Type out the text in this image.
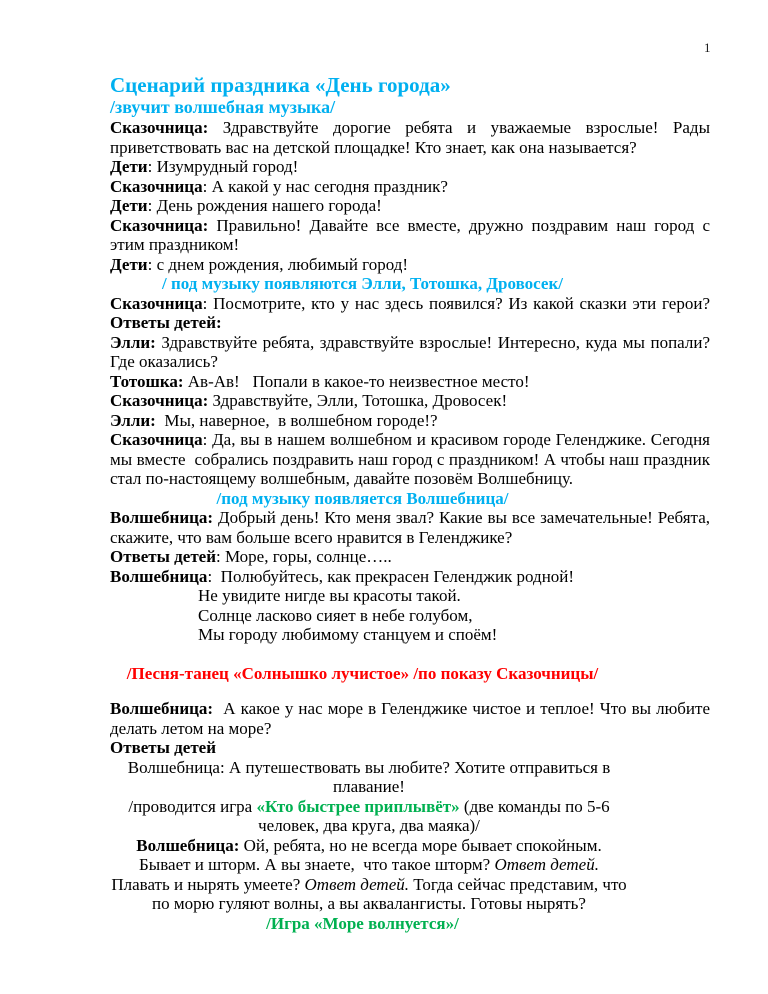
1
Сценарий праздника «День города»
/звучит волшебная музыка/
Сказочница: Здравствуйте дорогие ребята и уважаемые взрослые! Рады приветствовать вас на детской площадке! Кто знает, как она называется?
Дети: Изумрудный город!
Сказочница: А какой у нас сегодня праздник?
Дети: День рождения нашего города!
Сказочница: Правильно! Давайте все вместе, дружно поздравим наш город с этим праздником!
Дети: с днем рождения, любимый город!
/ под музыку появляются Элли, Тотошка, Дровосек/
Сказочница: Посмотрите, кто у нас здесь появился? Из какой сказки эти герои?Ответы детей:
Элли: Здравствуйте ребята, здравствуйте взрослые! Интересно, куда мы попали? Где оказались?
Тотошка: Ав-Ав!   Попали в какое-то неизвестное место!
Сказочница: Здравствуйте, Элли, Тотошка, Дровосек!
Элли:  Мы, наверное,  в волшебном городе!?
Сказочница: Да, вы в нашем волшебном и красивом городе Геленджике. Сегодня мы вместе  собрались поздравить наш город с праздником! А чтобы наш праздник стал по-настоящему волшебным, давайте позовём Волшебницу.
/под музыку появляется Волшебница/
Волшебница: Добрый день! Кто меня звал? Какие вы все замечательные! Ребята, скажите, что вам больше всего нравится в Геленджике?
Ответы детей: Море, горы, солнце…..
Волшебница:  Полюбуйтесь, как прекрасен Геленджик родной!
Не увидите нигде вы красоты такой.
Солнце ласково сияет в небе голубом,
Мы городу любимому станцуем и споём!
/Песня-танец «Солнышко лучистое» /по показу Сказочницы/
Волшебница:  А какое у нас море в Геленджике чистое и теплое! Что вы любите делать летом на море?
Ответы детей
Волшебница: А путешествовать вы любите? Хотите отправиться в плавание!
/проводится игра «Кто быстрее приплывёт» (две команды по 5-6 человек, два круга, два маяка)/
Волшебница: Ой, ребята, но не всегда море бывает спокойным. Бывает и шторм. А вы знаете,  что такое шторм? Ответ детей. Плавать и нырять умеете? Ответ детей. Тогда сейчас представим, что по морю гуляют волны, а вы аквалангисты. Готовы нырять?
/Игра «Море волнуется»/
